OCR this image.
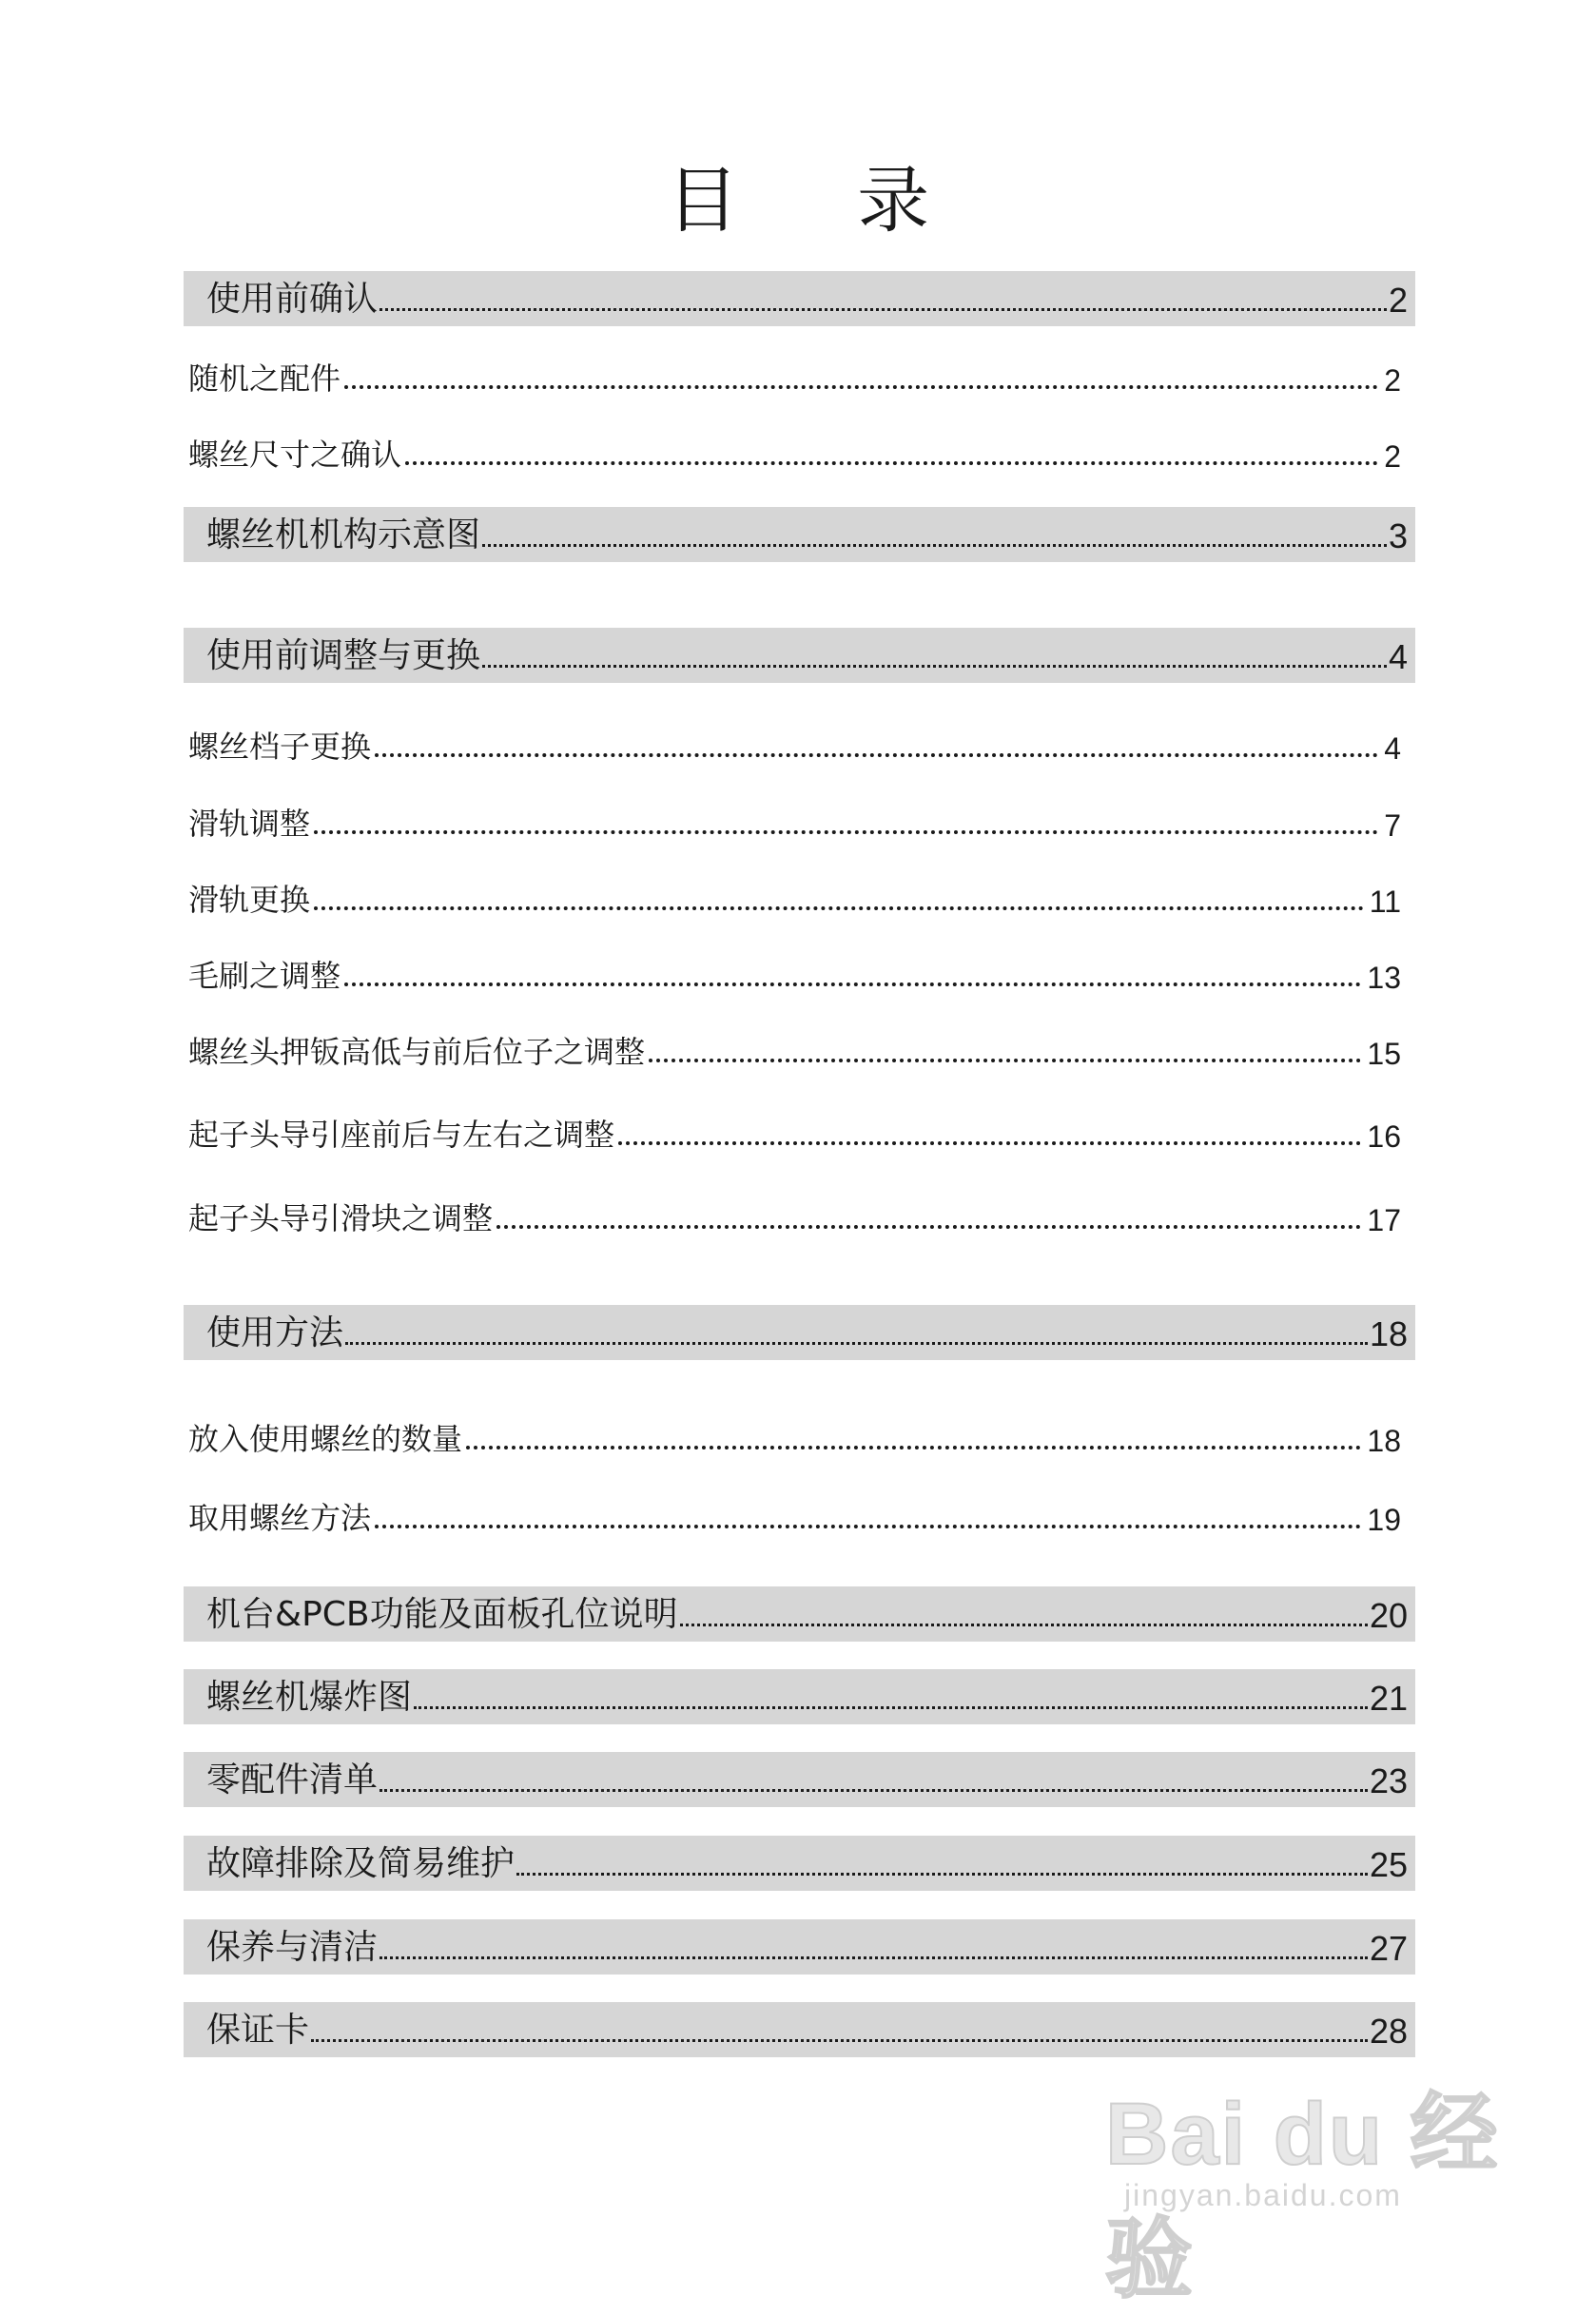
目 录
使用前确认	2
随机之配件	2
螺丝尺寸之确认	2
螺丝机机构示意图	3
使用前调整与更换	4
螺丝档子更换	4
滑轨调整	7
滑轨更换	11
毛刷之调整	13
螺丝头押钣高低与前后位子之调整	15
起子头导引座前后与左右之调整	16
起子头导引滑块之调整	17
使用方法	18
放入使用螺丝的数量	18
取用螺丝方法	19
机台&PCB功能及面板孔位说明	20
螺丝机爆炸图	21
零配件清单	23
故障排除及简易维护	25
保养与清洁	27
保证卡	28
Bai du 经验
jingyan.baidu.com
